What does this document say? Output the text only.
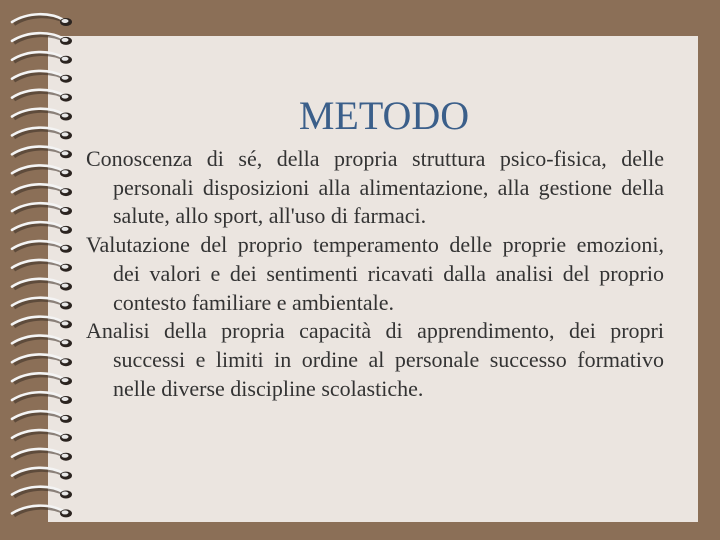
METODO

Conoscenza di sé, della propria struttura psico-fisica, delle personali disposizioni alla alimentazione, alla gestione della salute, allo sport, all'uso di farmaci.

Valutazione del proprio temperamento delle proprie emozioni, dei valori e dei sentimenti ricavati dalla analisi del proprio contesto familiare e ambientale.

Analisi della propria capacità di apprendimento, dei propri successi e limiti in ordine al personale successo formativo nelle diverse discipline scolastiche.
